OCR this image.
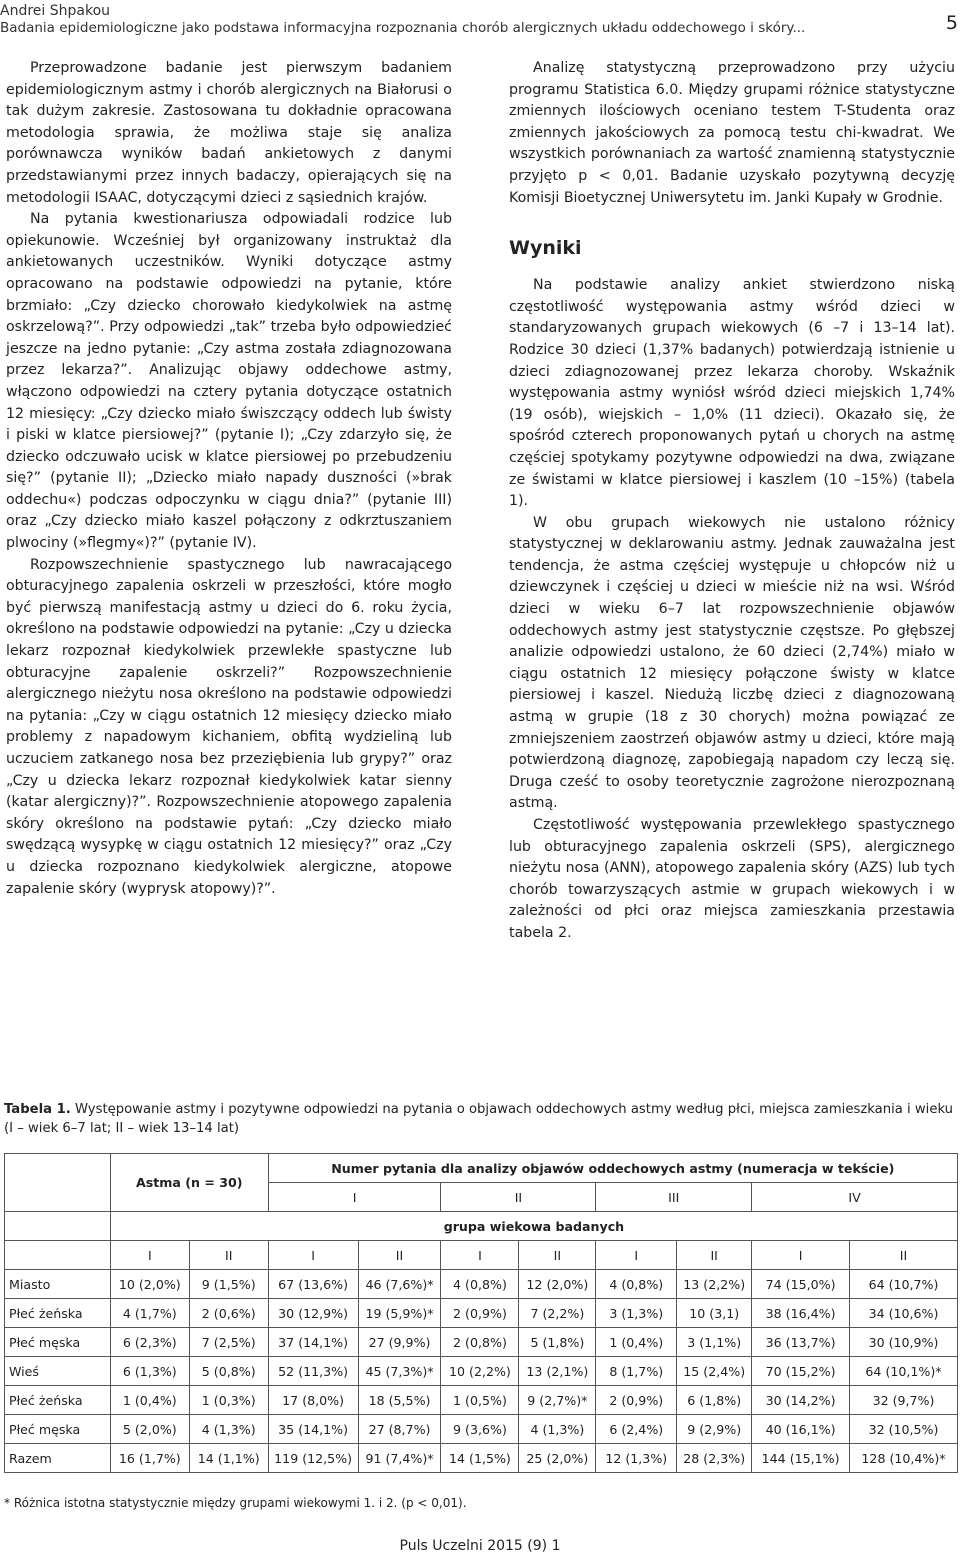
Andrei Shpakou
Badania epidemiologiczne jako podstawa informacyjna rozpoznania chorób alergicznych układu oddechowego i skóry...	5

Przeprowadzone badanie jest pierwszym badaniem epidemiologicznym astmy i chorób alergicznych na Białorusi o tak dużym zakresie. Zastosowana tu dokładnie opracowana metodologia sprawia, że możliwa staje się analiza porównawcza wyników badań ankietowych z danymi przedstawianymi przez innych badaczy, opierających się na metodologii ISAAC, dotyczącymi dzieci z sąsiednich krajów.

Na pytania kwestionariusza odpowiadali rodzice lub opiekunowie. Wcześniej był organizowany instruktaż dla ankietowanych uczestników. Wyniki dotyczące astmy opracowano na podstawie odpowiedzi na pytanie, które brzmiało: „Czy dziecko chorowało kiedykolwiek na astmę oskrzelową?”. Przy odpowiedzi „tak” trzeba było odpowiedzieć jeszcze na jedno pytanie: „Czy astma została zdiagnozowana przez lekarza?”. Analizując objawy oddechowe astmy, włączono odpowiedzi na cztery pytania dotyczące ostatnich 12 miesięcy: „Czy dziecko miało świszczący oddech lub świsty i piski w klatce piersiowej?” (pytanie I); „Czy zdarzyło się, że dziecko odczuwało ucisk w klatce piersiowej po przebudzeniu się?” (pytanie II); „Dziecko miało napady duszności (»brak oddechu«) podczas odpoczynku w ciągu dnia?” (pytanie III) oraz „Czy dziecko miało kaszel połączony z odkrztuszaniem plwociny (»flegmy«)?” (pytanie IV).

Rozpowszechnienie spastycznego lub nawracającego obturacyjnego zapalenia oskrzeli w przeszłości, które mogło być pierwszą manifestacją astmy u dzieci do 6. roku życia, określono na podstawie odpowiedzi na pytanie: „Czy u dziecka lekarz rozpoznał kiedykolwiek przewlekłe spastyczne lub obturacyjne zapalenie oskrzeli?” Rozpowszechnienie alergicznego nieżytu nosa określono na podstawie odpowiedzi na pytania: „Czy w ciągu ostatnich 12 miesięcy dziecko miało problemy z napadowym kichaniem, obfitą wydzieliną lub uczuciem zatkanego nosa bez przeziębienia lub grypy?” oraz „Czy u dziecka lekarz rozpoznał kiedykolwiek katar sienny (katar alergiczny)?”. Rozpowszechnienie atopowego zapalenia skóry określono na podstawie pytań: „Czy dziecko miało swędzącą wysypkę w ciągu ostatnich 12 miesięcy?” oraz „Czy u dziecka rozpoznano kiedykolwiek alergiczne, atopowe zapalenie skóry (wyprysk atopowy)?”.

Analizę statystyczną przeprowadzono przy użyciu programu Statistica 6.0. Między grupami różnice statystyczne zmiennych ilościowych oceniano testem T-Studenta oraz zmiennych jakościowych za pomocą testu chi-kwadrat. We wszystkich porównaniach za wartość znamienną statystycznie przyjęto p < 0,01. Badanie uzyskało pozytywną decyzję Komisji Bioetycznej Uniwersytetu im. Janki Kupały w Grodnie.

Wyniki

Na podstawie analizy ankiet stwierdzono niską częstotliwość występowania astmy wśród dzieci w standaryzowanych grupach wiekowych (6 –7 i 13–14 lat). Rodzice 30 dzieci (1,37% badanych) potwierdzają istnienie u dzieci zdiagnozowanej przez lekarza choroby. Wskaźnik występowania astmy wyniósł wśród dzieci miejskich 1,74% (19 osób), wiejskich – 1,0% (11 dzieci). Okazało się, że spośród czterech proponowanych pytań u chorych na astmę częściej spotykamy pozytywne odpowiedzi na dwa, związane ze świstami w klatce piersiowej i kaszlem (10 –15%) (tabela 1).

W obu grupach wiekowych nie ustalono różnicy statystycznej w deklarowaniu astmy. Jednak zauważalna jest tendencja, że astma częściej występuje u chłopców niż u dziewczynek i częściej u dzieci w mieście niż na wsi. Wśród dzieci w wieku 6–7 lat rozpowszechnienie objawów oddechowych astmy jest statystycznie częstsze. Po głębszej analizie odpowiedzi ustalono, że 60 dzieci (2,74%) miało w ciągu ostatnich 12 miesięcy połączone świsty w klatce piersiowej i kaszel. Niedużą liczbę dzieci z diagnozowaną astmą w grupie (18 z 30 chorych) można powiązać ze zmniejszeniem zaostrzeń objawów astmy u dzieci, które mają potwierdzoną diagnozę, zapobiegają napadom czy leczą się. Druga cześć to osoby teoretycznie zagrożone nierozpoznaną astmą.

Częstotliwość występowania przewlekłego spastycznego lub obturacyjnego zapalenia oskrzeli (SPS), alergicznego nieżytu nosa (ANN), atopowego zapalenia skóry (AZS) lub tych chorób towarzyszących astmie w grupach wiekowych i w zależności od płci oraz miejsca zamieszkania przestawia tabela 2.

Tabela 1. Występowanie astmy i pozytywne odpowiedzi na pytania o objawach oddechowych astmy według płci, miejsca zamieszkania i wieku (I – wiek 6–7 lat; II – wiek 13–14 lat)
	Astma (n = 30)		Numer pytania dla analizy objawów oddechowych astmy (numeracja w tekście)							
			I		II		III		IV	
	grupa wiekowa badanych									
	I	II	I	II	I	II	I	II	I	II
Miasto	10 (2,0%)	9 (1,5%)	67 (13,6%)	46 (7,6%)*	4 (0,8%)	12 (2,0%)	4 (0,8%)	13 (2,2%)	74 (15,0%)	64 (10,7%)
Płeć żeńska	4 (1,7%)	2 (0,6%)	30 (12,9%)	19 (5,9%)*	2 (0,9%)	7 (2,2%)	3 (1,3%)	10 (3,1)	38 (16,4%)	34 (10,6%)
Płeć męska	6 (2,3%)	7 (2,5%)	37 (14,1%)	27 (9,9%)	2 (0,8%)	5 (1,8%)	1 (0,4%)	3 (1,1%)	36 (13,7%)	30 (10,9%)
Wieś	6 (1,3%)	5 (0,8%)	52 (11,3%)	45 (7,3%)*	10 (2,2%)	13 (2,1%)	8 (1,7%)	15 (2,4%)	70 (15,2%)	64 (10,1%)*
Płeć żeńska	1 (0,4%)	1 (0,3%)	17 (8,0%)	18 (5,5%)	1 (0,5%)	9 (2,7%)*	2 (0,9%)	6 (1,8%)	30 (14,2%)	32 (9,7%)
Płeć męska	5 (2,0%)	4 (1,3%)	35 (14,1%)	27 (8,7%)	9 (3,6%)	4 (1,3%)	6 (2,4%)	9 (2,9%)	40 (16,1%)	32 (10,5%)
Razem	16 (1,7%)	14 (1,1%)	119 (12,5%)	91 (7,4%)*	14 (1,5%)	25 (2,0%)	12 (1,3%)	28 (2,3%)	144 (15,1%)	128 (10,4%)*
* Różnica istotna statystycznie między grupami wiekowymi 1. i 2. (p < 0,01).
Puls Uczelni 2015 (9) 1
